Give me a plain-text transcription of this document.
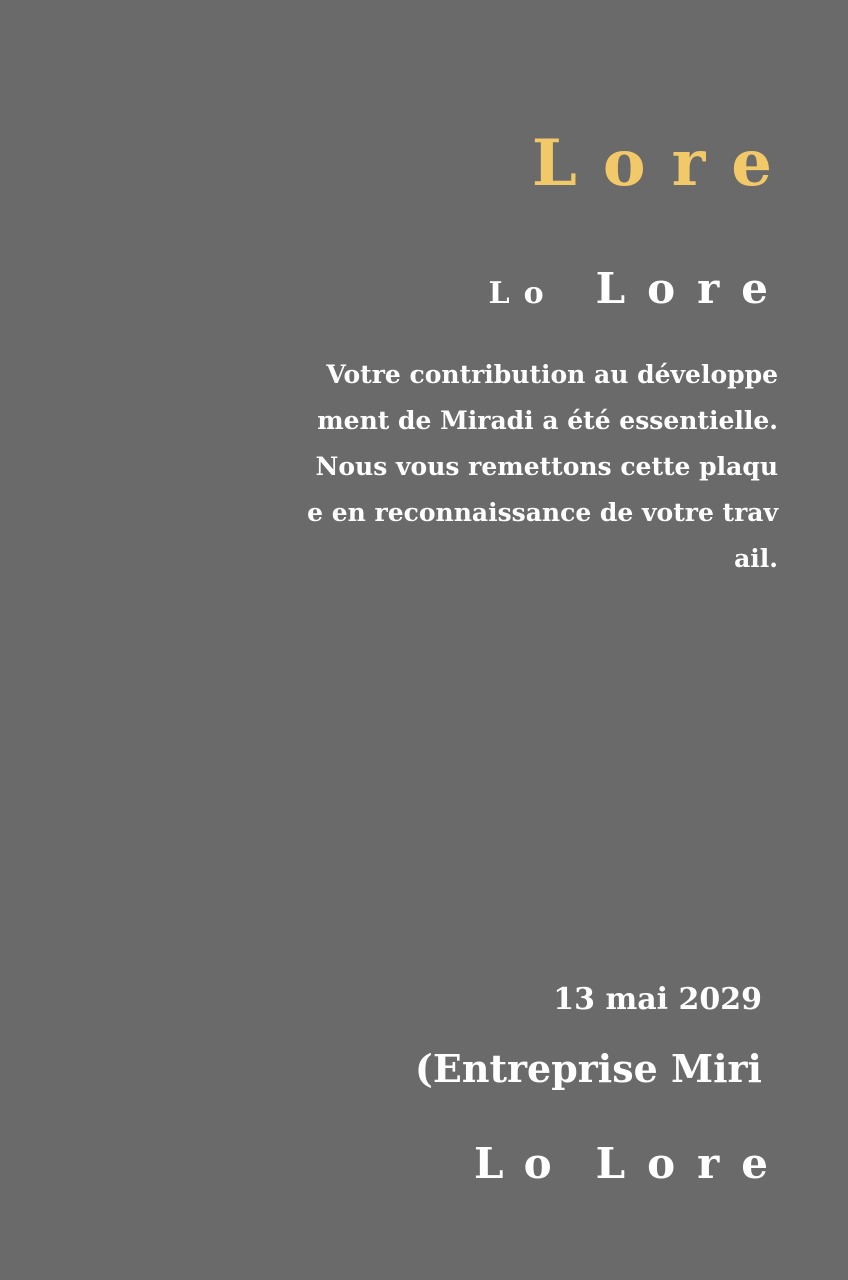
Lore
Lo Lore
Votre contribution au développe
ment de Miradi a été essentielle.
Nous vous remettons cette plaqu
e en reconnaissance de votre trav
ail.
13 mai 2029
(Entreprise Miri
Lo Lore
